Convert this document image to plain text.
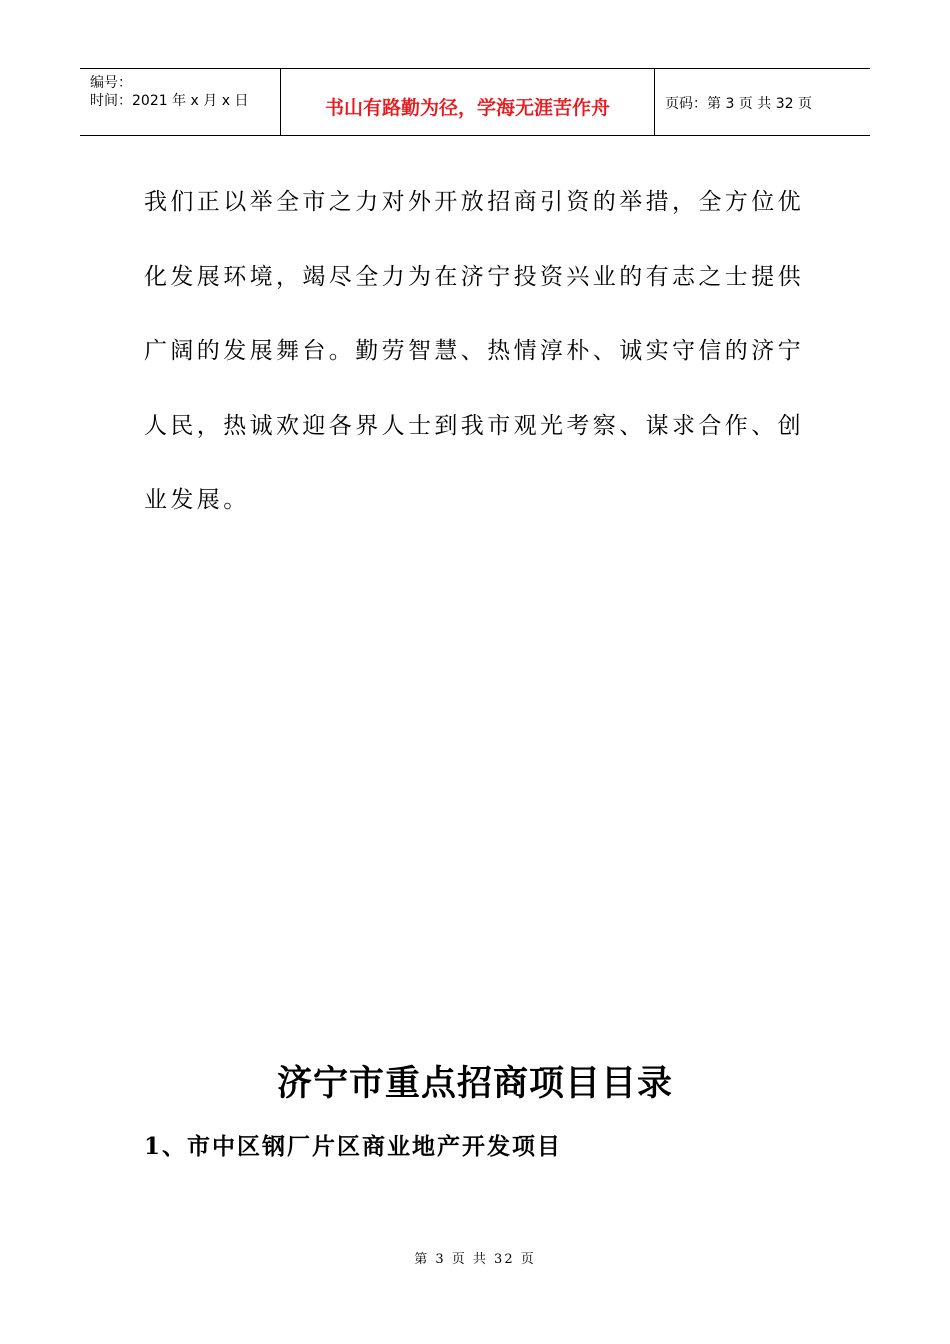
编号：
时间：2021 年 x 月 x 日	书山有路勤为径，学海无涯苦作舟	页码：第 3 页 共 32 页

我们正以举全市之力对外开放招商引资的举措，全方位优化发展环境，竭尽全力为在济宁投资兴业的有志之士提供广阔的发展舞台。勤劳智慧、热情淳朴、诚实守信的济宁人民，热诚欢迎各界人士到我市观光考察、谋求合作、创业发展。

济宁市重点招商项目目录
1、市中区钢厂片区商业地产开发项目
第 3 页 共 32 页
